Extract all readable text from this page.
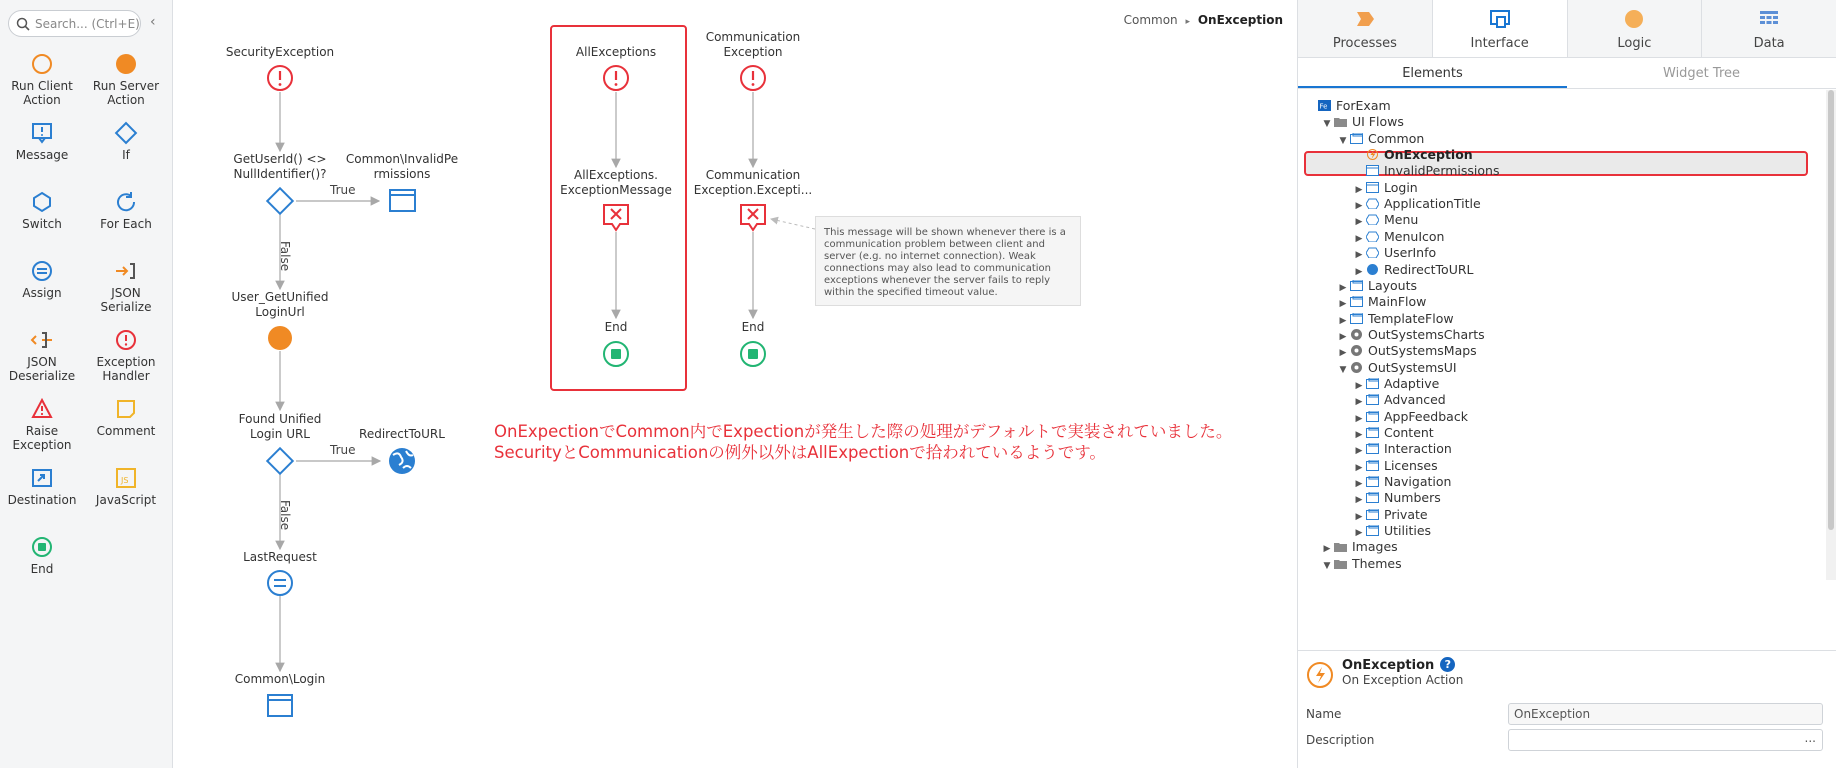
Search... (Ctrl+E) ‹
Run Client
Action
Run Server
Action
Message	If
Switch	For Each
Assign	JSON
Serialize
JSON
Deserialize
Exception
Handler
Raise
Exception
Comment
Destination
JS
JavaScript
End
Common ▸ OnException
SecurityException
GetUserId() <>
NullIdentifier()?
Common\InvalidPe
rmissions
True
False
User_GetUnified
LoginUrl
Found Unified
Login URL	RedirectToURL
True
False
LastRequest
Common\Login
AllExceptions
AllExceptions.
ExceptionMessage
End
Communication
Exception
Communication
Exception.Excepti...
End
This message will be shown whenever there is a communication problem between client and server (e.g. no internet connection). Weak connections may also lead to communication exceptions whenever the server fails to reply within the specified timeout value.
OnExpectionでCommon内でExpectionが発生した際の処理がデフォルトで実装されていました。
SecurityとCommunicationの例外以外はAllExpectionで拾われているようです。
Processes	Interface	Logic	Data
Elements	Widget Tree
Fe ForExam
▼ UI Flows
▼ Common
OnException
InvalidPermissions
▶ Login
▶ ApplicationTitle
▶ Menu
▶ MenuIcon
▶ UserInfo
▶ RedirectToURL
▶ Layouts
▶ MainFlow
▶ TemplateFlow
▶ OutSystemsCharts
▶ OutSystemsMaps
▼ OutSystemsUI
▶ Adaptive
▶ Advanced
▶ AppFeedback
▶ Content
▶ Interaction
▶ Licenses
▶ Navigation
▶ Numbers
▶ Private
▶ Utilities
▶ Images
▼ Themes
OnException ?
On Exception Action
Name	OnException
Description	...
